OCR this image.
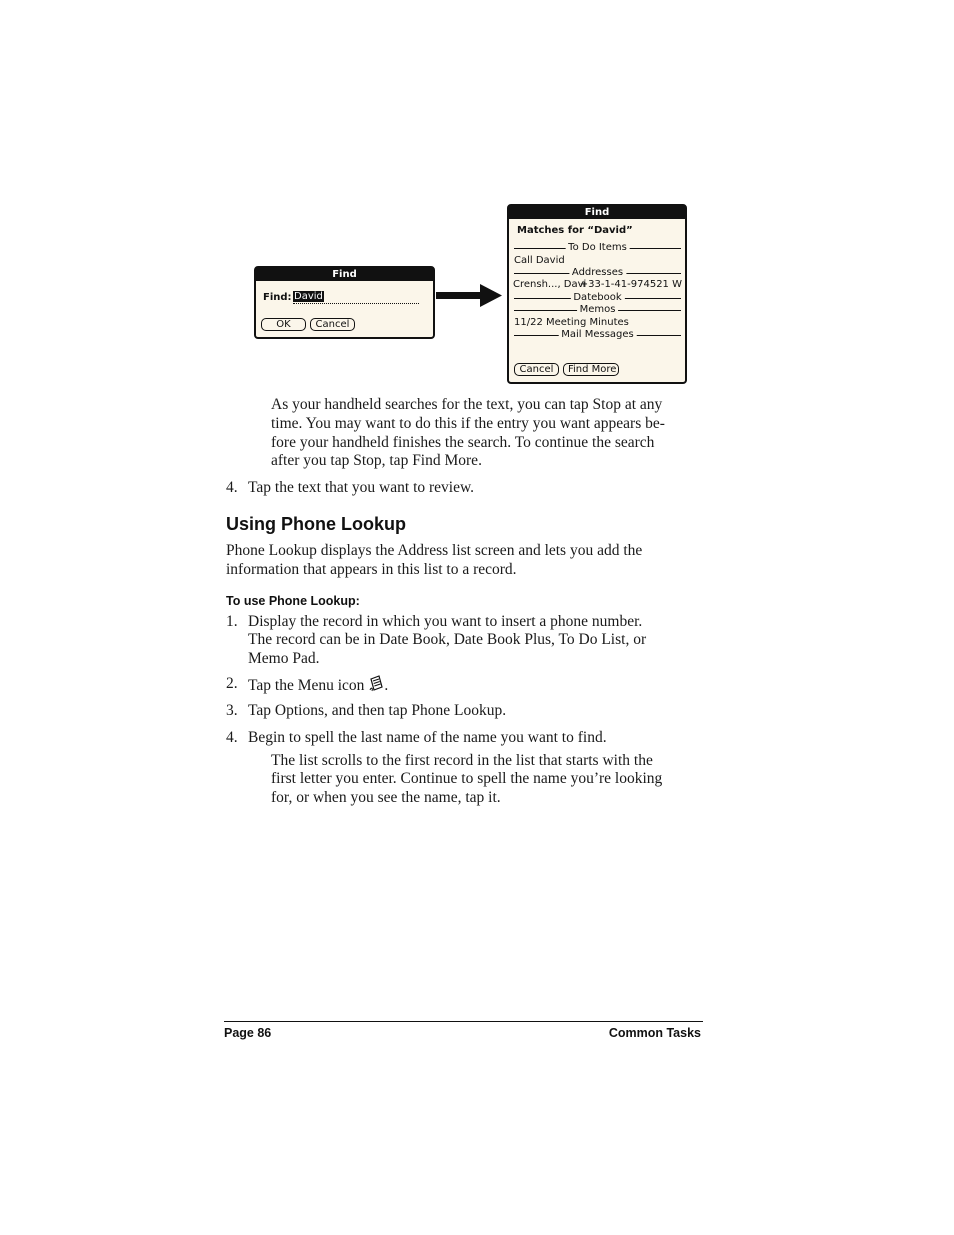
Find
Find: David
OK	Cancel
Find
Matches for “David”
To Do Items
Call David
Addresses
Crensh..., Davi
+33-1-41-974521 W
Datebook
Memos
11/22 Meeting Minutes
Mail Messages
Cancel	Find More
As your handheld searches for the text, you can tap Stop at any
time. You may want to do this if the entry you want appears be-
fore your handheld finishes the search. To continue the search
after you tap Stop, tap Find More.
4. Tap the text that you want to review.
Using Phone Lookup
Phone Lookup displays the Address list screen and lets you add the
information that appears in this list to a record.
To use Phone Lookup:
1. Display the record in which you want to insert a phone number.
The record can be in Date Book, Date Book Plus, To Do List, or
Memo Pad.
2. Tap the Menu icon .
3. Tap Options, and then tap Phone Lookup.
4. Begin to spell the last name of the name you want to find.
The list scrolls to the first record in the list that starts with the
first letter you enter. Continue to spell the name you’re looking
for, or when you see the name, tap it.
Page 86	Common Tasks
